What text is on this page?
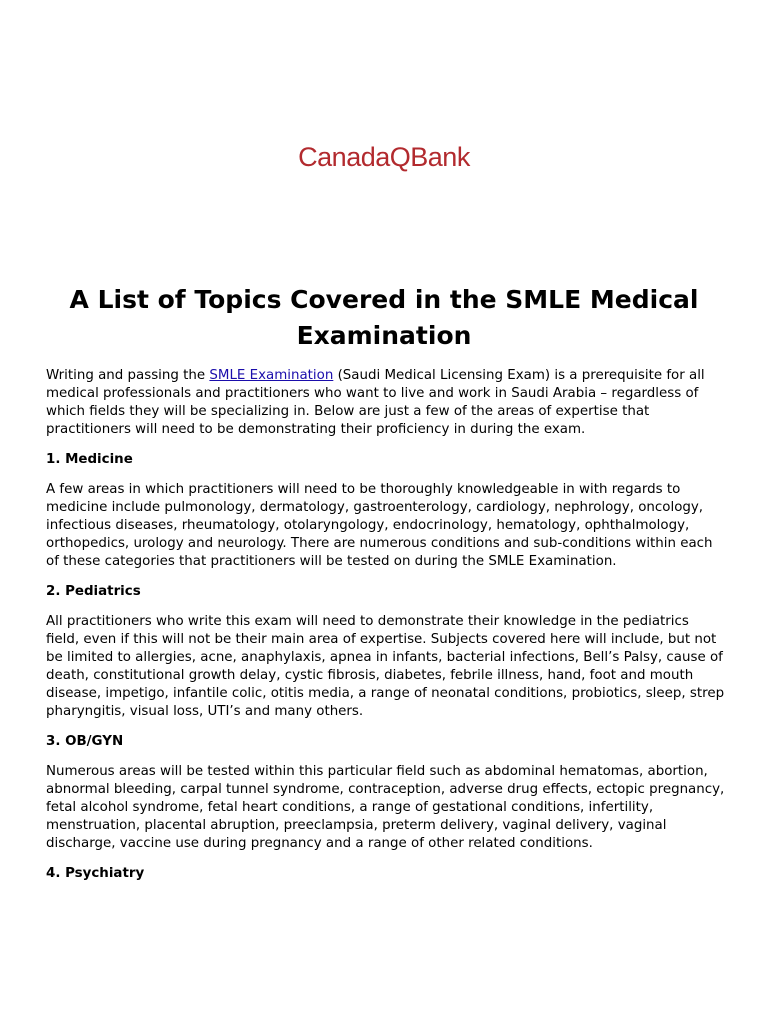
CanadaQBank
A List of Topics Covered in the SMLE Medical Examination

Writing and passing the SMLE Examination (Saudi Medical Licensing Exam) is a prerequisite for all medical professionals and practitioners who want to live and work in Saudi Arabia – regardless of which fields they will be specializing in. Below are just a few of the areas of expertise that practitioners will need to be demonstrating their proficiency in during the exam.

1. Medicine

A few areas in which practitioners will need to be thoroughly knowledgeable in with regards to medicine include pulmonology, dermatology, gastroenterology, cardiology, nephrology, oncology, infectious diseases, rheumatology, otolaryngology, endocrinology, hematology, ophthalmology, orthopedics, urology and neurology. There are numerous conditions and sub-conditions within each of these categories that practitioners will be tested on during the SMLE Examination.

2. Pediatrics

All practitioners who write this exam will need to demonstrate their knowledge in the pediatrics field, even if this will not be their main area of expertise. Subjects covered here will include, but not be limited to allergies, acne, anaphylaxis, apnea in infants, bacterial infections, Bell’s Palsy, cause of death, constitutional growth delay, cystic fibrosis, diabetes, febrile illness, hand, foot and mouth disease, impetigo, infantile colic, otitis media, a range of neonatal conditions, probiotics, sleep, strep pharyngitis, visual loss, UTI’s and many others.

3. OB/GYN

Numerous areas will be tested within this particular field such as abdominal hematomas, abortion, abnormal bleeding, carpal tunnel syndrome, contraception, adverse drug effects, ectopic pregnancy, fetal alcohol syndrome, fetal heart conditions, a range of gestational conditions, infertility, menstruation, placental abruption, preeclampsia, preterm delivery, vaginal delivery, vaginal discharge, vaccine use during pregnancy and a range of other related conditions.

4. Psychiatry
